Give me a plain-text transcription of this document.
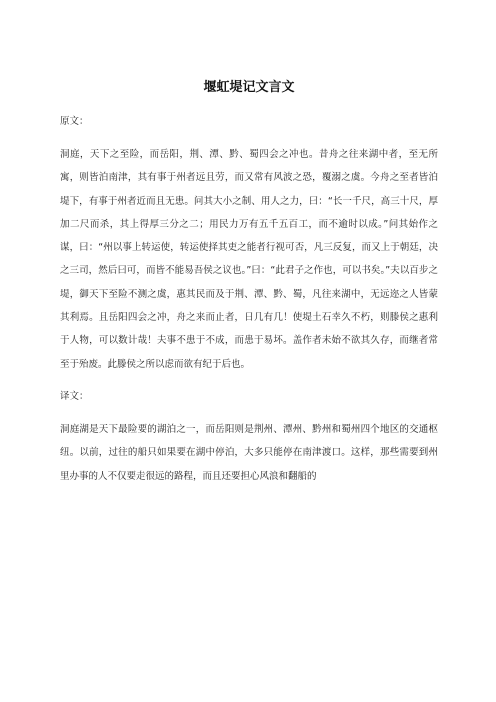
堰虹堤记文言文

原文：

洞庭，天下之至险，而岳阳，荆、潭、黔、蜀四会之冲也。昔舟之往来湖中者，至无所寓，则皆泊南津，其有事于州者远且劳，而又常有风波之恐，覆溺之虞。今舟之至者皆泊堤下，有事于州者近而且无患。问其大小之制、用人之力，曰：“长一千尺，高三十尺，厚加二尺而杀，其上得厚三分之二；用民力万有五千五百工，而不逾时以成。”问其始作之谋，曰：“州以事上转运使，转运使择其吏之能者行视可否，凡三反复，而又上于朝廷，决之三司，然后曰可，而皆不能易吾侯之议也。”曰：“此君子之作也，可以书矣。”夫以百步之堤，御天下至险不测之虞，惠其民而及于荆、潭、黔、蜀，凡往来湖中，无远迩之人皆蒙其利焉。且岳阳四会之冲，舟之来而止者，日几有几！使堤土石幸久不朽，则滕侯之惠利于人物，可以数计哉！夫事不患于不成，而患于易坏。盖作者未始不欲其久存，而继者常至于殆废。此滕侯之所以虑而欲有纪于后也。

译文：

洞庭湖是天下最险要的湖泊之一，而岳阳则是荆州、潭州、黔州和蜀州四个地区的交通枢纽。以前，过往的船只如果要在湖中停泊，大多只能停在南津渡口。这样，那些需要到州里办事的人不仅要走很远的路程，而且还要担心风浪和翻船的
